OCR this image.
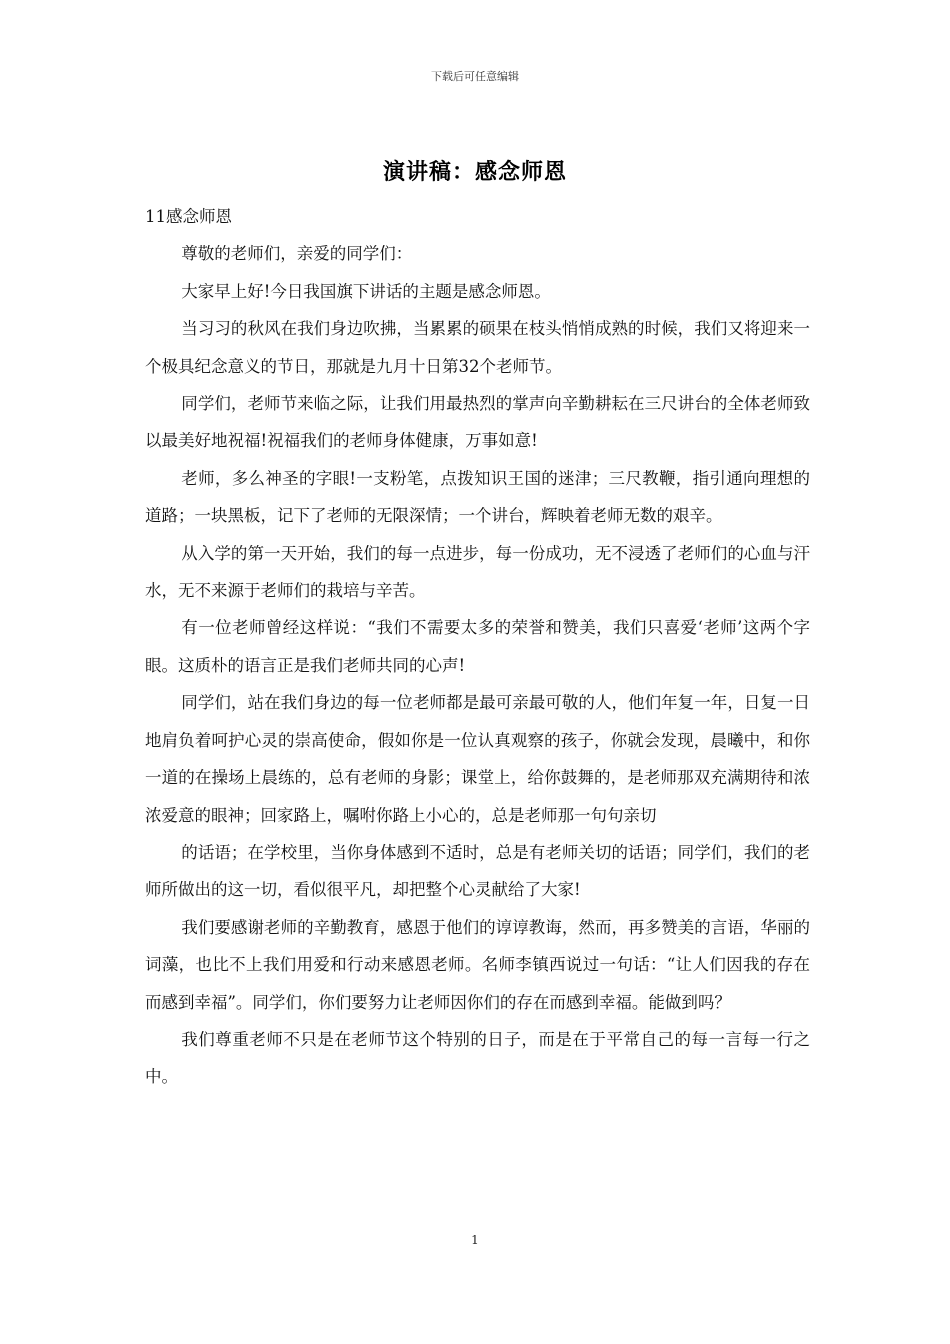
下载后可任意编辑
演讲稿：感念师恩

11感念师恩

尊敬的老师们，亲爱的同学们：

大家早上好!今日我国旗下讲话的主题是感念师恩。

当习习的秋风在我们身边吹拂，当累累的硕果在枝头悄悄成熟的时候，我们又将迎来一个极具纪念意义的节日，那就是九月十日第32个老师节。

同学们，老师节来临之际，让我们用最热烈的掌声向辛勤耕耘在三尺讲台的全体老师致以最美好地祝福!祝福我们的老师身体健康，万事如意!

老师，多么神圣的字眼!一支粉笔，点拨知识王国的迷津；三尺教鞭，指引通向理想的道路；一块黑板，记下了老师的无限深情；一个讲台，辉映着老师无数的艰辛。

从入学的第一天开始，我们的每一点进步，每一份成功，无不浸透了老师们的心血与汗水，无不来源于老师们的栽培与辛苦。

有一位老师曾经这样说：“我们不需要太多的荣誉和赞美，我们只喜爱‘老师’这两个字眼。这质朴的语言正是我们老师共同的心声!

同学们，站在我们身边的每一位老师都是最可亲最可敬的人，他们年复一年，日复一日地肩负着呵护心灵的崇高使命，假如你是一位认真观察的孩子，你就会发现，晨曦中，和你一道的在操场上晨练的，总有老师的身影；课堂上，给你鼓舞的，是老师那双充满期待和浓浓爱意的眼神；回家路上，嘱咐你路上小心的，总是老师那一句句亲切

的话语；在学校里，当你身体感到不适时，总是有老师关切的话语；同学们，我们的老师所做出的这一切，看似很平凡，却把整个心灵献给了大家!

我们要感谢老师的辛勤教育，感恩于他们的谆谆教诲，然而，再多赞美的言语，华丽的词藻，也比不上我们用爱和行动来感恩老师。名师李镇西说过一句话：“让人们因我的存在而感到幸福”。同学们，你们要努力让老师因你们的存在而感到幸福。能做到吗？

我们尊重老师不只是在老师节这个特别的日子，而是在于平常自己的每一言每一行之中。

1
